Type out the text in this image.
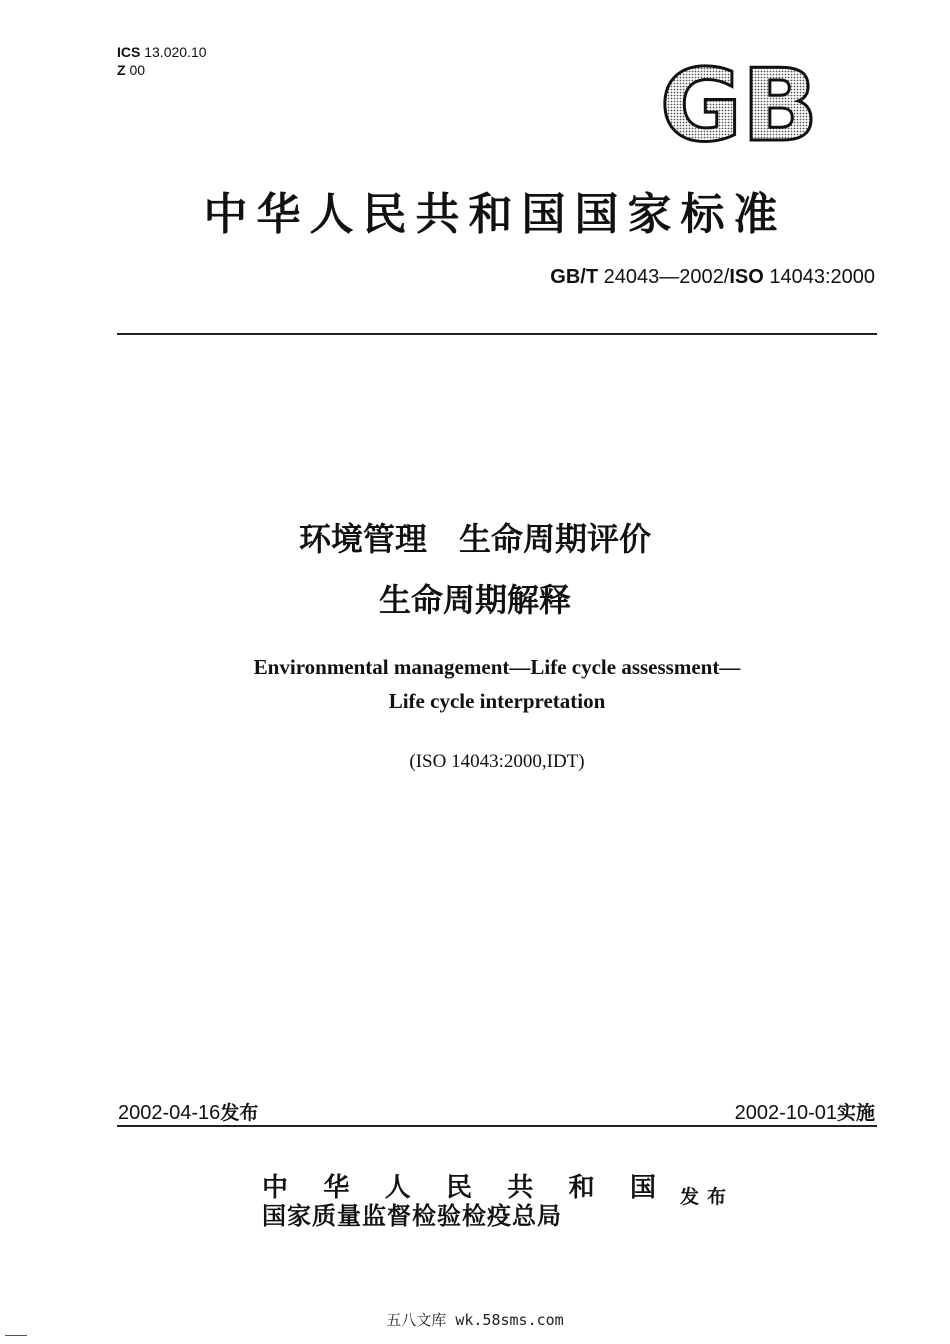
ICS 13.020.10
Z 00	GB
中华人民共和国国家标准
GB/T 24043—2002/ISO 14043:2000
环境管理　生命周期评价
生命周期解释
Environmental management—Life cycle assessment—
Life cycle interpretation
(ISO 14043:2000,IDT)
2002-04-16发布	2002-10-01实施
中 华 人 民 共 和 国
国家质量监督检验检疫总局
发布
五八文库 wk.58sms.com
